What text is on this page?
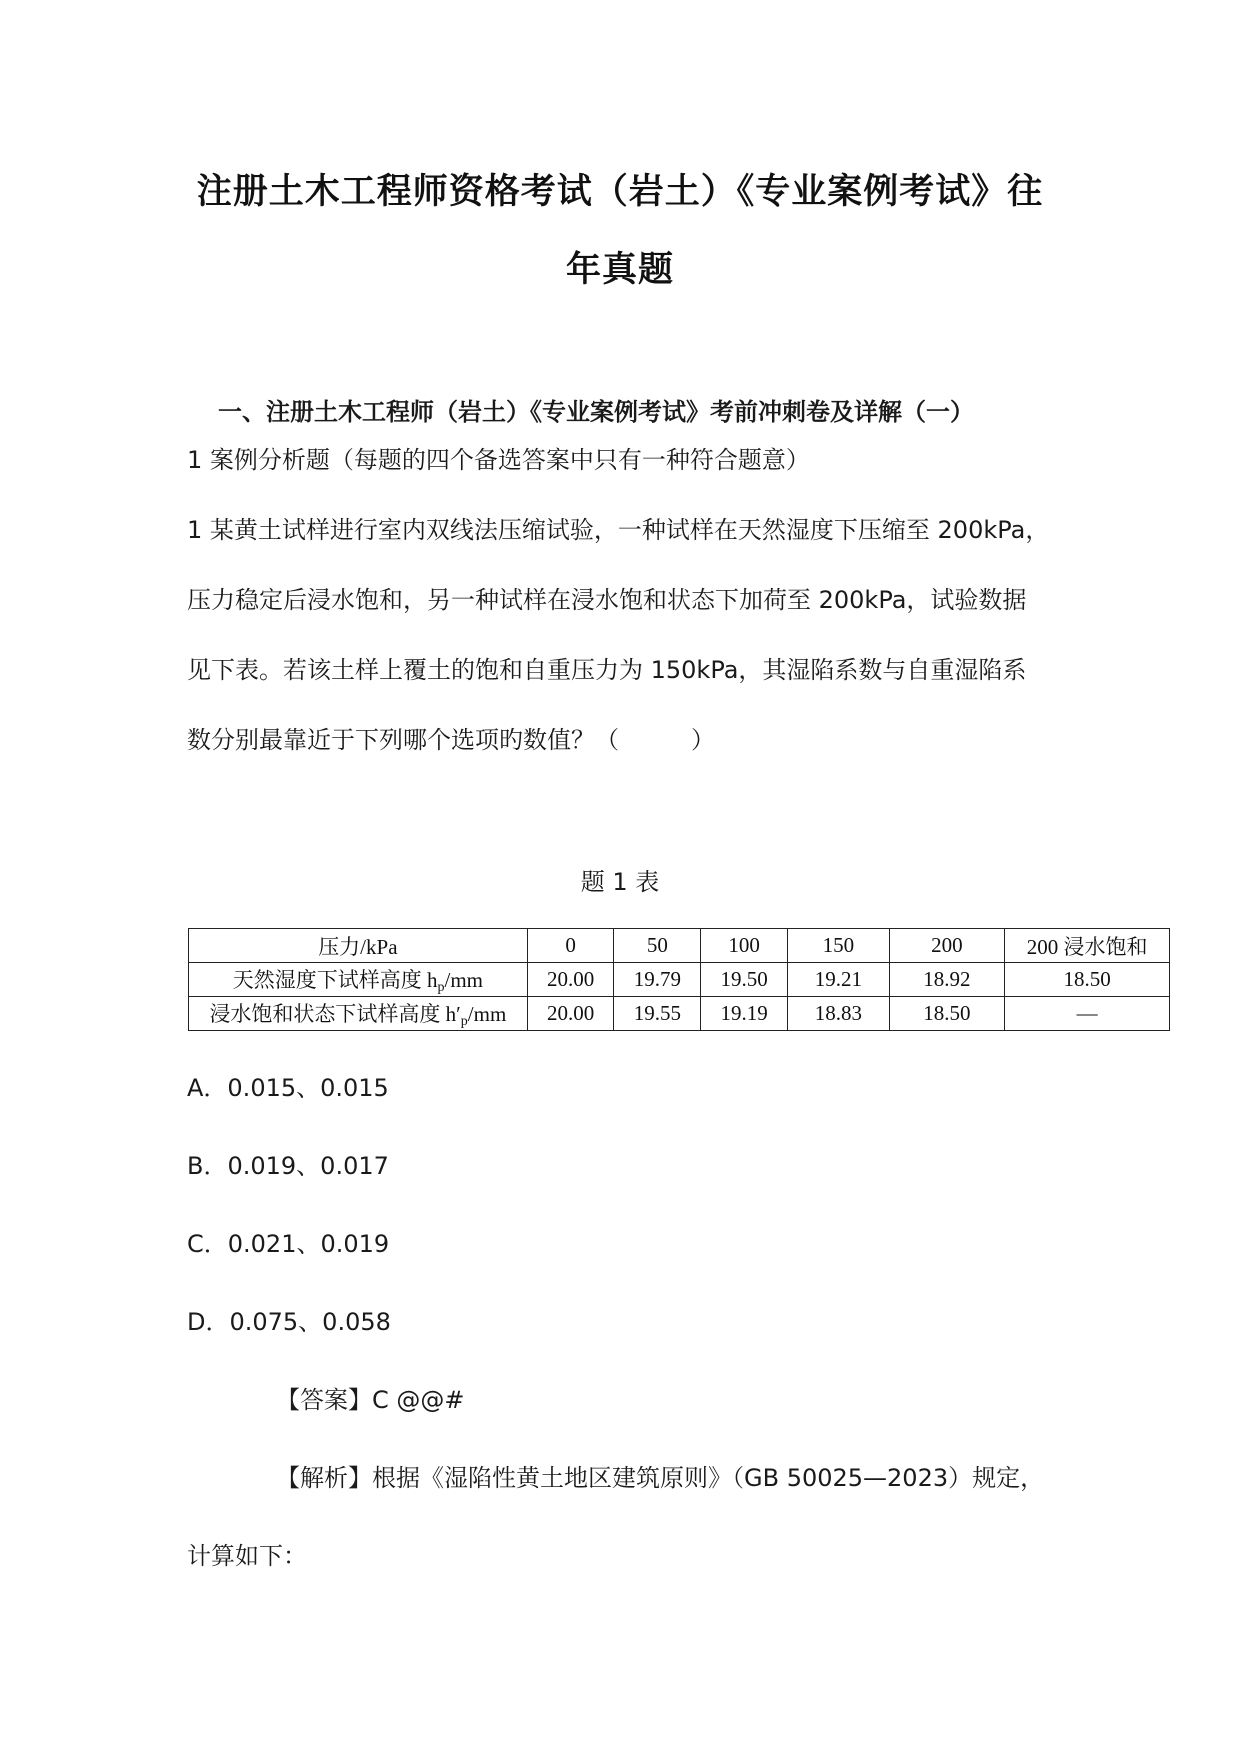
注册土木工程师资格考试（岩土）《专业案例考试》往
年真题
一、注册土木工程师（岩土）《专业案例考试》考前冲刺卷及详解（一）
1 案例分析题（每题的四个备选答案中只有一种符合题意）
1 某黄土试样进行室内双线法压缩试验，一种试样在天然湿度下压缩至 200kPa，
压力稳定后浸水饱和，另一种试样在浸水饱和状态下加荷至 200kPa，试验数据
见下表。若该土样上覆土的饱和自重压力为 150kPa，其湿陷系数与自重湿陷系
数分别最靠近于下列哪个选项旳数值？（　　　）
题 1 表
压力/kPa	0	50	100	150	200	200 浸水饱和
天然湿度下试样高度 $h_p/mm$	20.00	19.79	19.50	19.21	18.92	18.50
浸水饱和状态下试样高度 $h'_p/mm$	20.00	19.55	19.19	18.83	18.50	—
A．0.015、0.015
B．0.019、0.017
C．0.021、0.019
D．0.075、0.058
【答案】C @@#
【解析】根据《湿陷性黄土地区建筑原则》（GB 50025—2023）规定，
计算如下：
